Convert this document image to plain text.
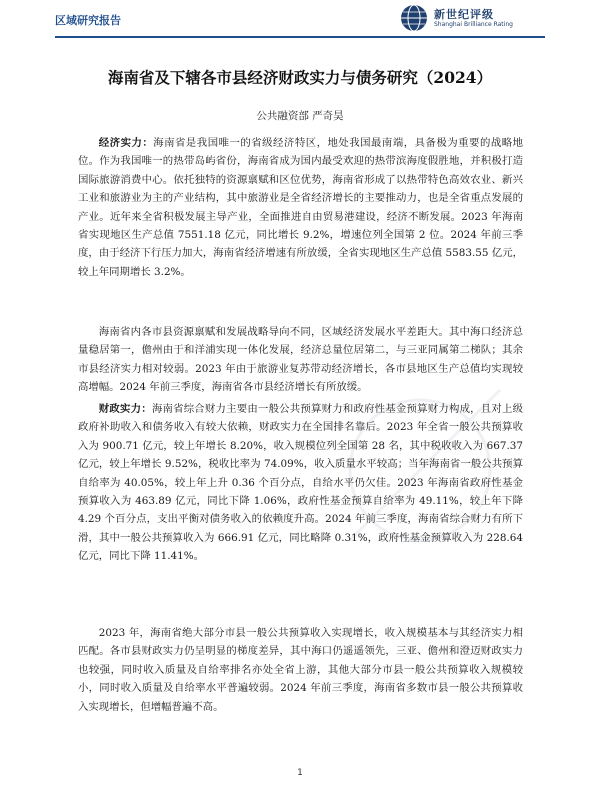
区域研究报告	新世纪评级
Shanghai Brilliance Rating
海南省及下辖各市县经济财政实力与债务研究（2024）
公共融资部 严奇昊

经济实力：海南省是我国唯一的省级经济特区，地处我国最南端，具备极为重要的战略地位。作为我国唯一的热带岛屿省份，海南省成为国内最受欢迎的热带滨海度假胜地，并积极打造国际旅游消费中心。依托独特的资源禀赋和区位优势，海南省形成了以热带特色高效农业、新兴工业和旅游业为主的产业结构，其中旅游业是全省经济增长的主要推动力，也是全省重点发展的产业。近年来全省积极发展主导产业，全面推进自由贸易港建设，经济不断发展。2023 年海南省实现地区生产总值 7551.18 亿元，同比增长 9.2%，增速位列全国第 2 位。2024 年前三季度，由于经济下行压力加大，海南省经济增速有所放缓，全省实现地区生产总值 5583.55 亿元，较上年同期增长 3.2%。

海南省内各市县资源禀赋和发展战略导向不同，区域经济发展水平差距大。其中海口经济总量稳居第一，儋州由于和洋浦实现一体化发展，经济总量位居第二，与三亚同属第二梯队；其余市县经济实力相对较弱。2023 年由于旅游业复苏带动经济增长，各市县地区生产总值均实现较高增幅。2024 年前三季度，海南省各市县经济增长有所放缓。

财政实力：海南省综合财力主要由一般公共预算财力和政府性基金预算财力构成，且对上级政府补助收入和债务收入有较大依赖，财政实力在全国排名靠后。2023 年全省一般公共预算收入为 900.71 亿元，较上年增长 8.20%，收入规模位列全国第 28 名，其中税收收入为 667.37 亿元，较上年增长 9.52%，税收比率为 74.09%，收入质量水平较高；当年海南省一般公共预算自给率为 40.05%，较上年上升 0.36 个百分点，自给水平仍欠佳。2023 年海南省政府性基金预算收入为 463.89 亿元，同比下降 1.06%，政府性基金预算自给率为 49.11%，较上年下降 4.29 个百分点，支出平衡对债务收入的依赖度升高。2024 年前三季度，海南省综合财力有所下滑，其中一般公共预算收入为 666.91 亿元，同比略降 0.31%，政府性基金预算收入为 228.64 亿元，同比下降 11.41%。

2023 年，海南省绝大部分市县一般公共预算收入实现增长，收入规模基本与其经济实力相匹配。各市县财政实力仍呈明显的梯度差异，其中海口仍遥遥领先，三亚、儋州和澄迈财政实力也较强，同时收入质量及自给率排名亦处全省上游，其他大部分市县一般公共预算收入规模较小，同时收入质量及自给率水平普遍较弱。2024 年前三季度，海南省多数市县一般公共预算收入实现增长，但增幅普遍不高。

1
